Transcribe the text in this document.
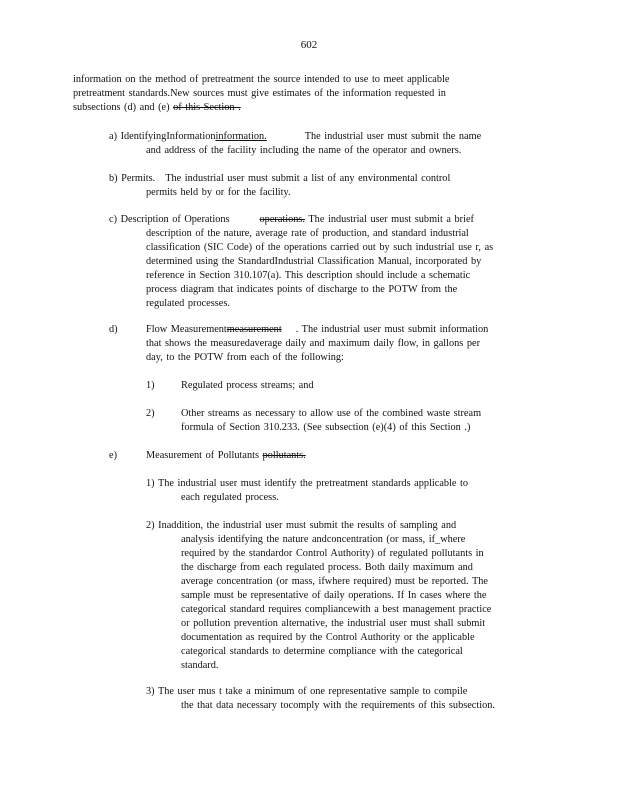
602
information on the method of pretreatment the source intended to use to meet applicable
pretreatment standards.New sources must give estimates of the information requested in
subsections (d) and (e) of this Section .
a) IdentifyingInformationinformation.	The industrial user must submit the name
and address of the facility including the name of the operator and owners.
b) Permits. The industrial user must submit a list of any environmental control
permits held by or for the facility.
c) Description of Operations	operations. The industrial user must submit a brief
description of the nature, average rate of production, and standard industrial
classification (SIC Code) of the operations carried out by such industrial use r, as
determined using the StandardIndustrial Classification Manual, incorporated by
reference in Section 310.107(a). This description should include a schematic
process diagram that indicates points of discharge to the POTW from the
regulated processes.
d)	Flow Measurementmeasurement . The industrial user must submit information
that shows the measuredaverage daily and maximum daily flow, in gallons per
day, to the POTW from each of the following:
1)	Regulated process streams; and
2)	Other streams as necessary to allow use of the combined waste stream
formula of Section 310.233. (See subsection (e)(4) of this Section .)
e)	Measurement of Pollutants pollutants.
1) The industrial user must identify the pretreatment standards applicable to
each regulated process.
2) Inaddition, the industrial user must submit the results of sampling and
analysis identifying the nature andconcentration (or mass, if_where
required by the standardor Control Authority) of regulated pollutants in
the discharge from each regulated process. Both daily maximum and
average concentration (or mass, ifwhere required) must be reported. The
sample must be representative of daily operations. If In cases where the
categorical standard requires compliancewith a best management practice
or pollution prevention alternative, the industrial user must shall submit
documentation as required by the Control Authority or the applicable
categorical standards to determine compliance with the categorical
standard.
3) The user mus t take a minimum of one representative sample to compile
the that data necessary tocomply with the requirements of this subsection.
